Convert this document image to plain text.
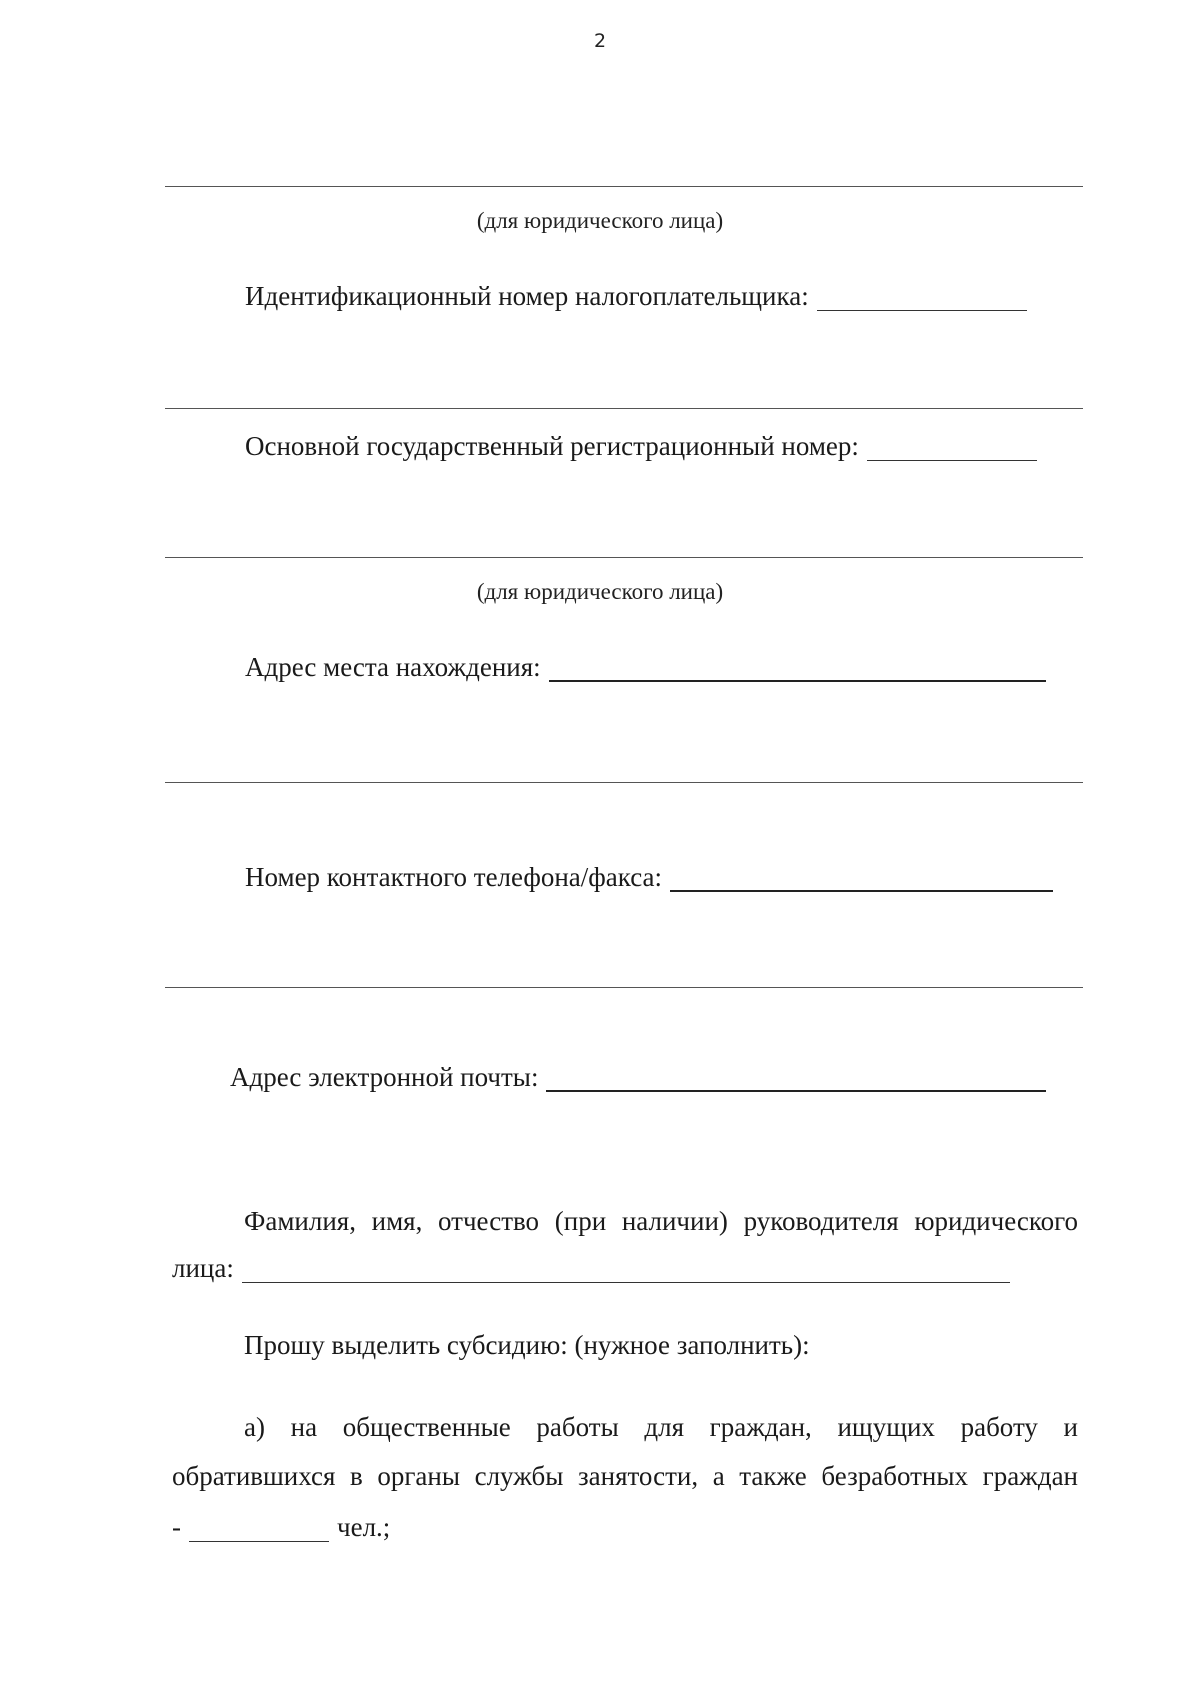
2
(для юридического лица)
Идентификационный номер налогоплательщика:
Основной государственный регистрационный номер:
(для юридического лица)
Адрес места нахождения:
Номер контактного телефона/факса:
Адрес электронной почты:
Фамилия, имя, отчество (при наличии) руководителя юридического
лица:
Прошу выделить субсидию: (нужное заполнить):
а) на общественные работы для граждан, ищущих работу и
обратившихся в органы службы занятости, а также безработных граждан
-	чел.;
